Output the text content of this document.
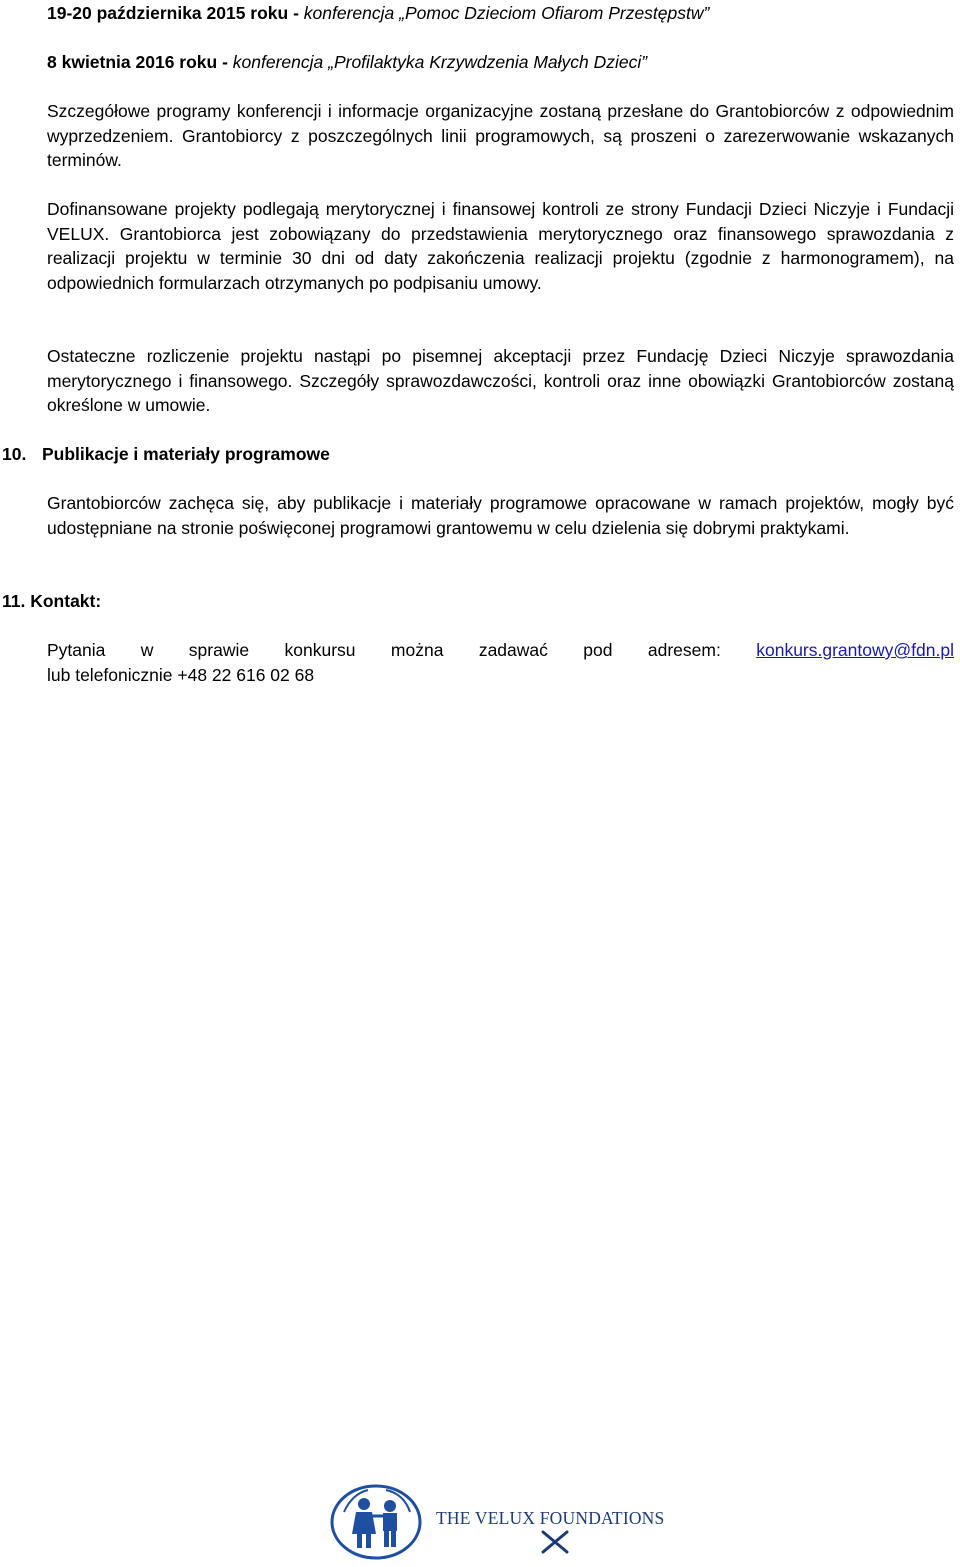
19-20 października 2015 roku - konferencja „Pomoc Dzieciom Ofiarom Przestępstw”
8 kwietnia 2016 roku - konferencja „Profilaktyka Krzywdzenia Małych Dzieci”
Szczegółowe programy konferencji i informacje organizacyjne zostaną przesłane do Grantobiorców z odpowiednim wyprzedzeniem. Grantobiorcy z poszczególnych linii programowych, są proszeni o zarezerwowanie wskazanych terminów.
Dofinansowane projekty podlegają merytorycznej i finansowej kontroli ze strony Fundacji Dzieci Niczyje i Fundacji VELUX. Grantobiorca jest zobowiązany do przedstawienia merytorycznego oraz finansowego sprawozdania z realizacji projektu w terminie 30 dni od daty zakończenia realizacji projektu (zgodnie z harmonogramem), na odpowiednich formularzach otrzymanych po podpisaniu umowy.
Ostateczne rozliczenie projektu nastąpi po pisemnej akceptacji przez Fundację Dzieci Niczyje sprawozdania merytorycznego i finansowego. Szczegóły sprawozdawczości, kontroli oraz inne obowiązki Grantobiorców zostaną określone w umowie.
10. Publikacje i materiały programowe
Grantobiorców zachęca się, aby publikacje i materiały programowe opracowane w ramach projektów, mogły być udostępniane na stronie poświęconej programowi grantowemu w celu dzielenia się dobrymi praktykami.
11. Kontakt:
Pytania w sprawie konkursu można zadawać pod adresem: konkurs.grantowy@fdn.pl
lub telefonicznie +48 22 616 02 68
THE VELUX FOUNDATIONS
